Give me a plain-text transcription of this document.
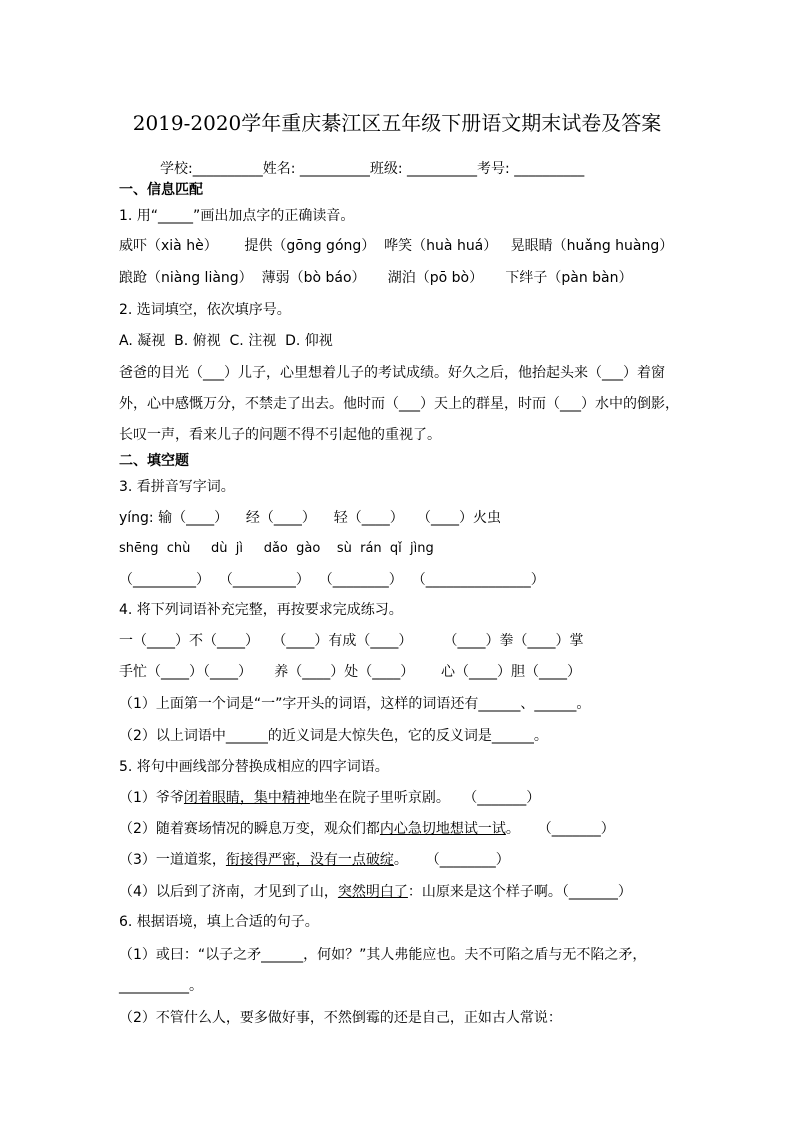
2019-2020学年重庆綦江区五年级下册语文期末试卷及答案
学校:__________姓名: __________班级: __________考号: __________
一、信息匹配
1. 用“_____”画出加点字的正确读音。
威吓（xià hè）      提供（gōng góng）  哗笑（huà huá）   晃眼睛（huǎng huàng）
踉跄（niàng liàng）  薄弱（bò báo）     湖泊（pō bò）     下绊子（pàn bàn）
2. 选词填空，依次填序号。
A. 凝视  B. 俯视  C. 注视  D. 仰视
爸爸的目光（___）儿子，心里想着儿子的考试成绩。好久之后，他抬起头来（___）着窗
外，心中感慨万分，不禁走了出去。他时而（___）天上的群星，时而（___）水中的倒影，
长叹一声，看来儿子的问题不得不引起他的重视了。
二、填空题
3. 看拼音写字词。
yíng: 输（____）    经（____）    轻（____）   （____）火虫
shēng  chù     dù  jì     dǎo  gào    sù  rán  qǐ  jìng
（_________）  （_________）  （________）  （_______________）
4. 将下列词语补充完整，再按要求完成练习。
一（____）不（____）   （____）有成（____）       （____）拳（____）掌
手忙（____）（____）     养（____）处（____）      心（____）胆（____）
（1）上面第一个词是“一”字开头的词语，这样的词语还有______、______。
（2）以上词语中______的近义词是大惊失色，它的反义词是______。
5. 将句中画线部分替换成相应的四字词语。
（1）爷爷闭着眼睛，集中精神地坐在院子里听京剧。   （_______）
（2）随着赛场情况的瞬息万变，观众们都内心急切地想试一试。    （_______）
（3）一道道浆，衔接得严密，没有一点破绽。    （________）
（4）以后到了济南，才见到了山，突然明白了：山原来是这个样子啊。（_______）
6. 根据语境，填上合适的句子。
（1）或曰：“以子之矛______，何如？”其人弗能应也。夫不可陷之盾与无不陷之矛，
__________。
（2）不管什么人，要多做好事，不然倒霉的还是自己，正如古人常说：
